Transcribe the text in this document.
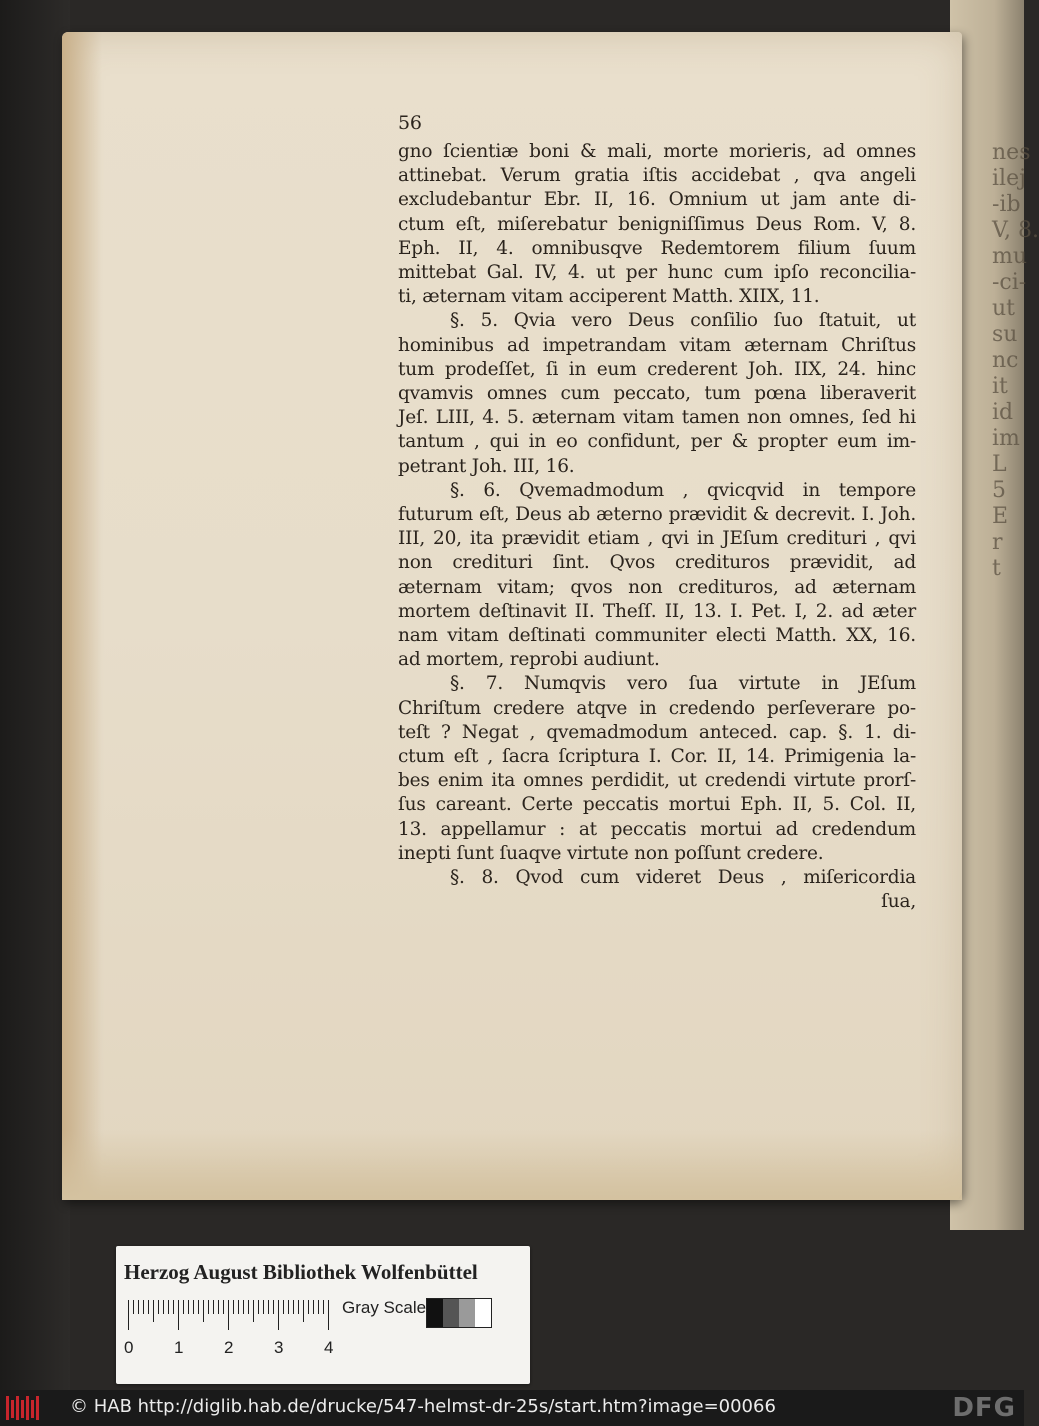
nes
ilej
-ib
V, 8.
mu
-ci-
ut
su
nc
it
id
im
L
5
E
r
t
56
gno ſcientiæ boni & mali, morte morieris, ad omnes
attinebat. Verum gratia iſtis accidebat , qva angeli
excludebantur Ebr. II, 16. Omnium ut jam ante di-
ctum eſt, miſerebatur benigniſſimus Deus Rom. V, 8.
Eph. II, 4. omnibusqve Redemtorem filium ſuum
mittebat Gal. IV, 4. ut per hunc cum ipſo reconcilia-
ti, æternam vitam acciperent Matth. XIIX, 11.
§. 5. Qvia vero Deus conſilio ſuo ſtatuit, ut
hominibus ad impetrandam vitam æternam Chriſtus
tum prodeſſet, ſi in eum crederent Joh. IIX, 24. hinc
qvamvis omnes cum peccato, tum pœna liberaverit
Jeſ. LIII, 4. 5. æternam vitam tamen non omnes, ſed hi
tantum , qui in eo confidunt, per & propter eum im-
petrant Joh. III, 16.
§. 6. Qvemadmodum , qvicqvid in tempore
futurum eſt, Deus ab æterno prævidit & decrevit. I. Joh.
III, 20, ita prævidit etiam , qvi in JEſum credituri , qvi
non credituri ſint. Qvos credituros prævidit, ad
æternam vitam; qvos non credituros, ad æternam
mortem deſtinavit II. Theſſ. II, 13. I. Pet. I, 2. ad æter
nam vitam deſtinati communiter electi Matth. XX, 16.
ad mortem, reprobi audiunt.
§. 7. Numqvis vero ſua virtute in JEſum
Chriſtum credere atqve in credendo perſeverare po-
teſt ? Negat , qvemadmodum anteced. cap. §. 1. di-
ctum eſt , ſacra ſcriptura I. Cor. II, 14. Primigenia la-
bes enim ita omnes perdidit, ut credendi virtute prorſ-
ſus careant. Certe peccatis mortui Eph. II, 5. Col. II,
13. appellamur : at peccatis mortui ad credendum
inepti ſunt ſuaqve virtute non poſſunt credere.
§. 8. Qvod cum videret Deus , miſericordia
ſua,
Herzog August Bibliothek Wolfenbüttel
0 1 2 3 4
Gray Scale
© HAB http://diglib.hab.de/drucke/547-helmst-dr-25s/start.htm?image=00066	DFG
